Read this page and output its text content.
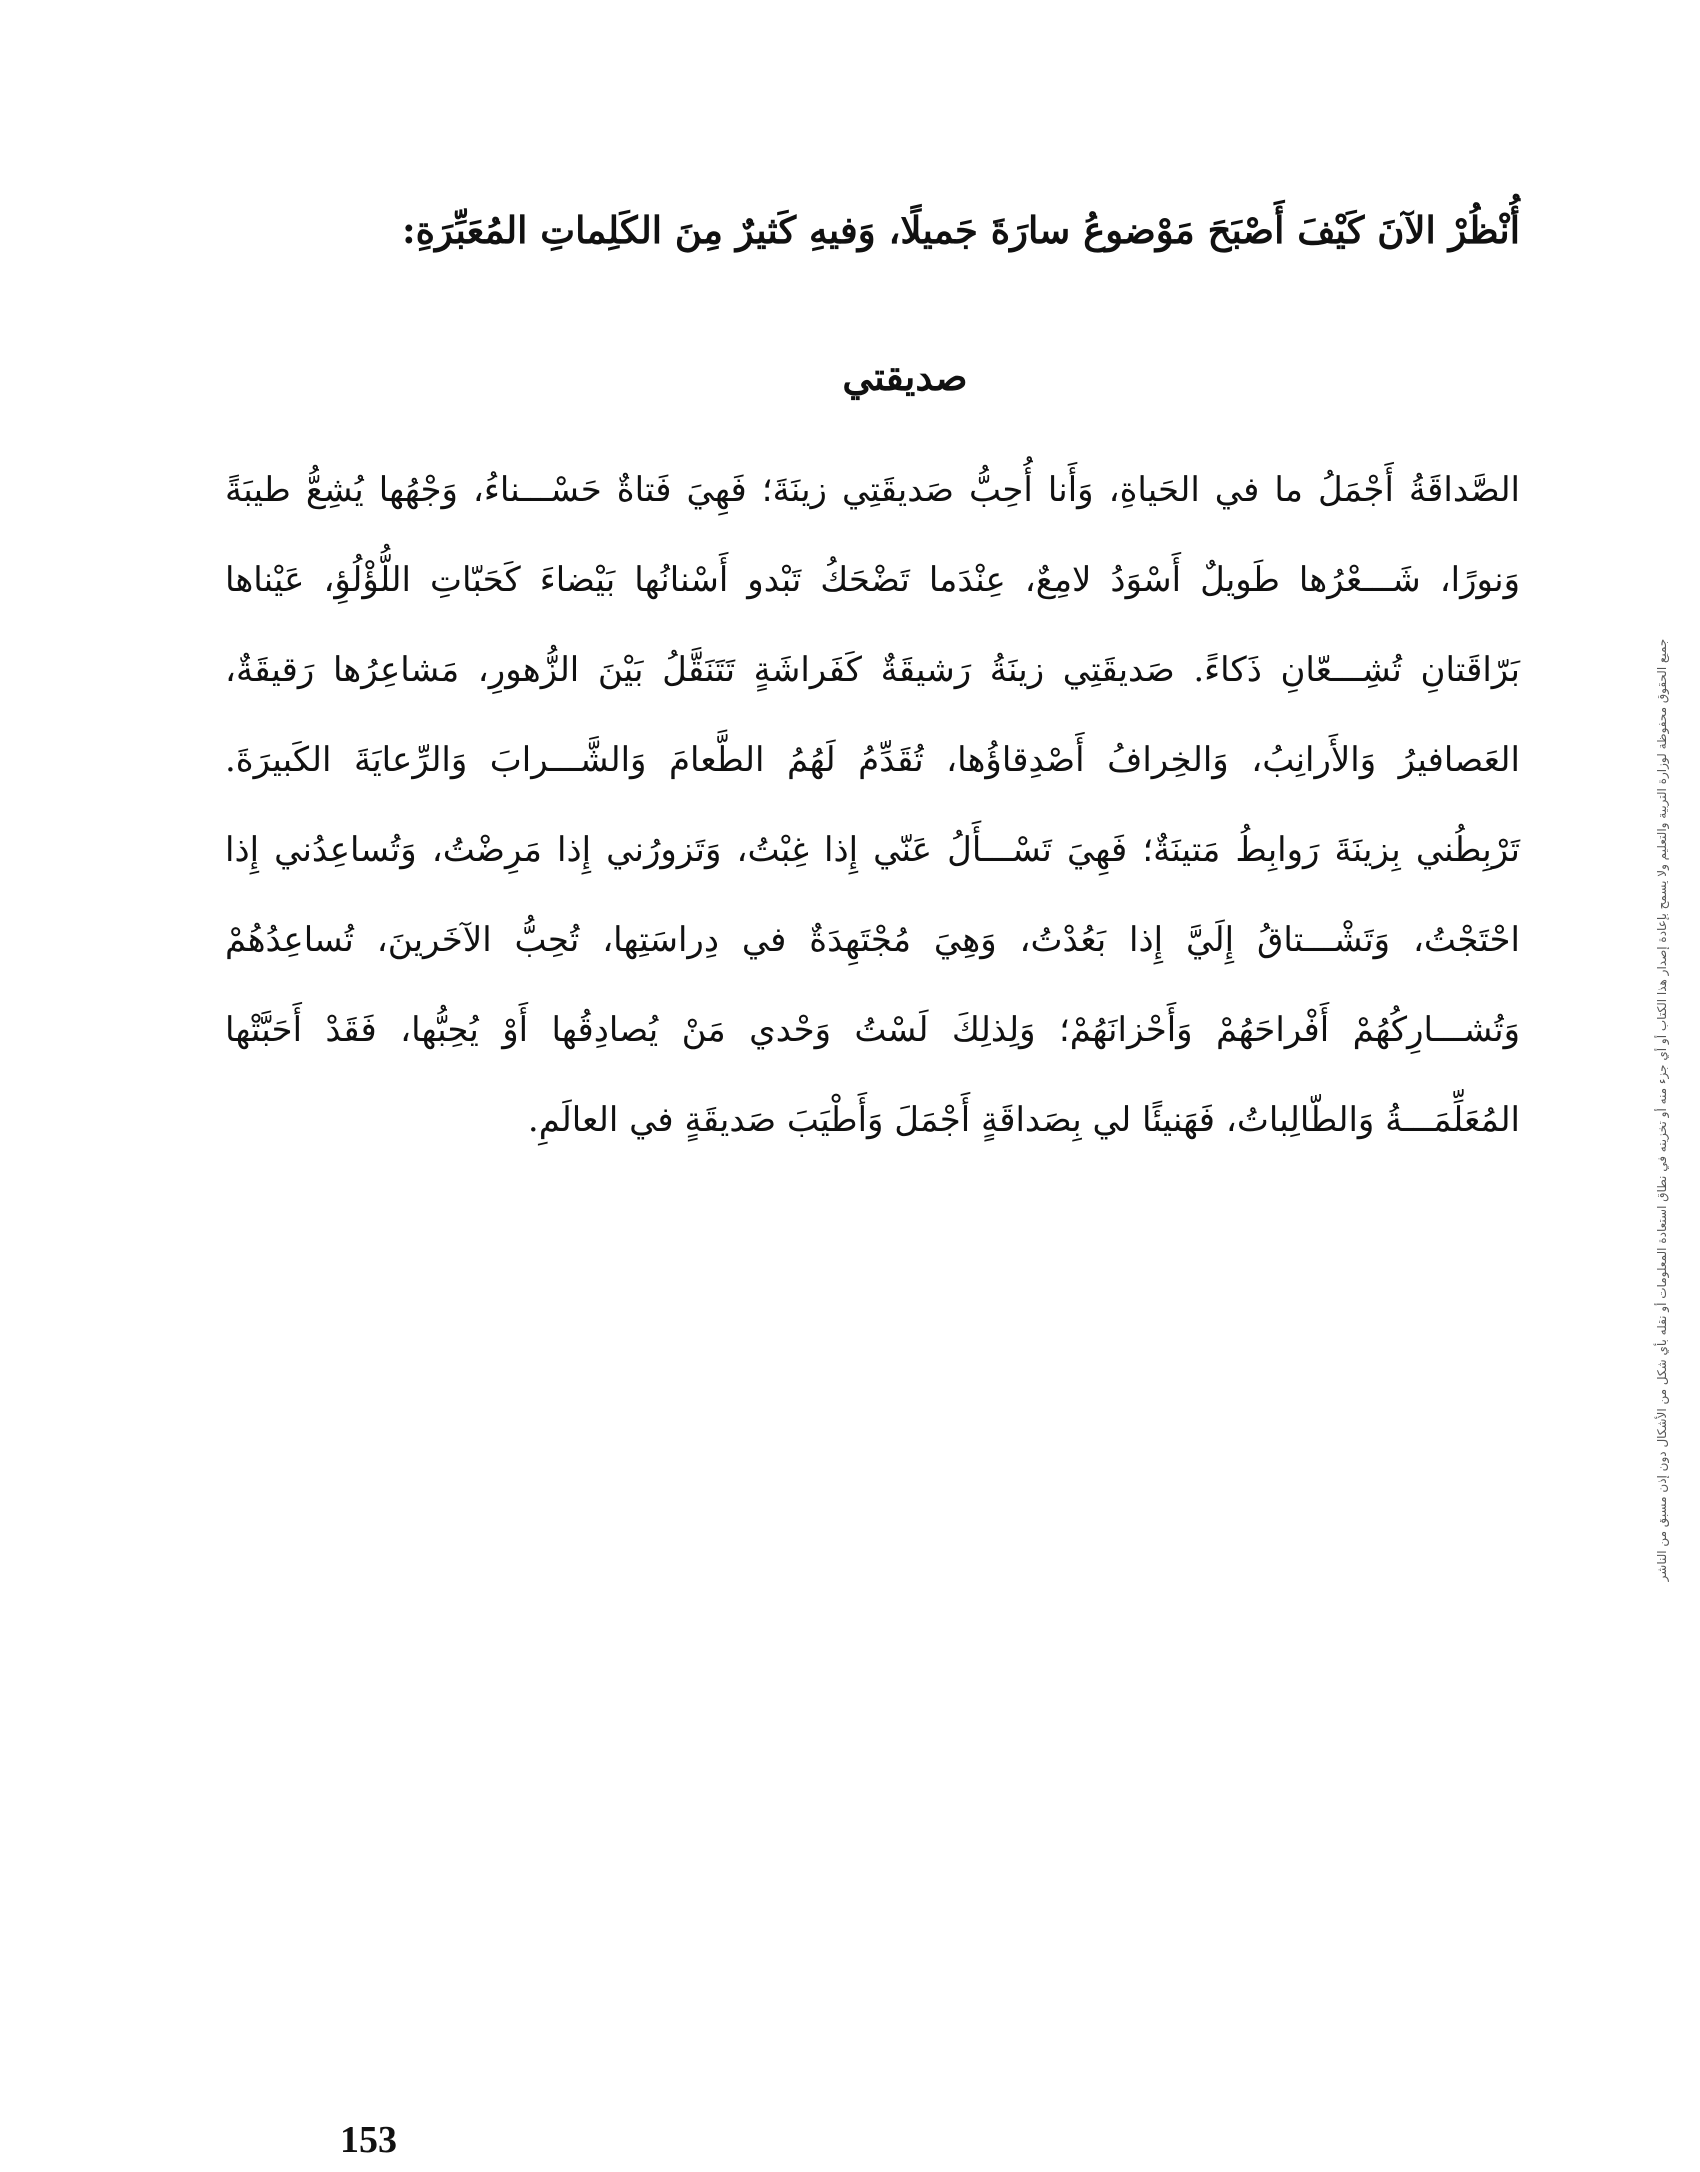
أُنْظُرْ الآنَ كَيْفَ أَصْبَحَ مَوْضوعُ سارَةَ جَميلًا، وَفيهِ كَثيرٌ مِنَ الكَلِماتِ المُعَبِّرَةِ:
صديقتي
الصَّداقَةُ أَجْمَلُ ما في الحَياةِ، وَأَنا أُحِبُّ صَديقَتِي زينَةَ؛ فَهِيَ فَتاةٌ حَسْـــناءُ، وَجْهُها يُشِعُّ طيبَةً
وَنورًا، شَـــعْرُها طَويلٌ أَسْوَدُ لامِعٌ، عِنْدَما تَضْحَكُ تَبْدو أَسْنانُها بَيْضاءَ كَحَبّاتِ اللُّؤْلُؤِ، عَيْناها
بَرّاقَتانِ تُشِـــعّانِ ذَكاءً. صَديقَتِي زينَةُ رَشيقَةٌ كَفَراشَةٍ تَتَنَقَّلُ بَيْنَ الزُّهورِ، مَشاعِرُها رَقيقَةٌ،
العَصافيرُ وَالأَرانِبُ، وَالخِرافُ أَصْدِقاؤُها، تُقَدِّمُ لَهُمُ الطَّعامَ وَالشَّـــرابَ وَالرِّعايَةَ الكَبيرَةَ.
تَرْبِطُني بِزينَةَ رَوابِطُ مَتينَةٌ؛ فَهِيَ تَسْـــأَلُ عَنّي إِذا غِبْتُ، وَتَزورُني إِذا مَرِضْتُ، وَتُساعِدُني إِذا
احْتَجْتُ، وَتَشْـــتاقُ إِلَيَّ إِذا بَعُدْتُ، وَهِيَ مُجْتَهِدَةٌ في دِراسَتِها، تُحِبُّ الآخَرينَ، تُساعِدُهُمْ
وَتُشـــارِكُهُمْ أَفْراحَهُمْ وَأَحْزانَهُمْ؛ وَلِذلِكَ لَسْتُ وَحْدي مَنْ يُصادِقُها أَوْ يُحِبُّها، فَقَدْ أَحَبَّتْها
المُعَلِّمَـــةُ وَالطّالِباتُ، فَهَنيئًا لي بِصَداقَةٍ أَجْمَلَ وَأَطْيَبَ صَديقَةٍ في العالَمِ.	جميع الحقوق محفوظة لوزارة التربية والتعليم ولا يسمح بإعادة إصدار هذا الكتاب أو أي جزء منه أو تخزينه في نطاق استعادة المعلومات أو نقله بأي شكل من الأشكال دون إذن مسبق من الناشر
153
